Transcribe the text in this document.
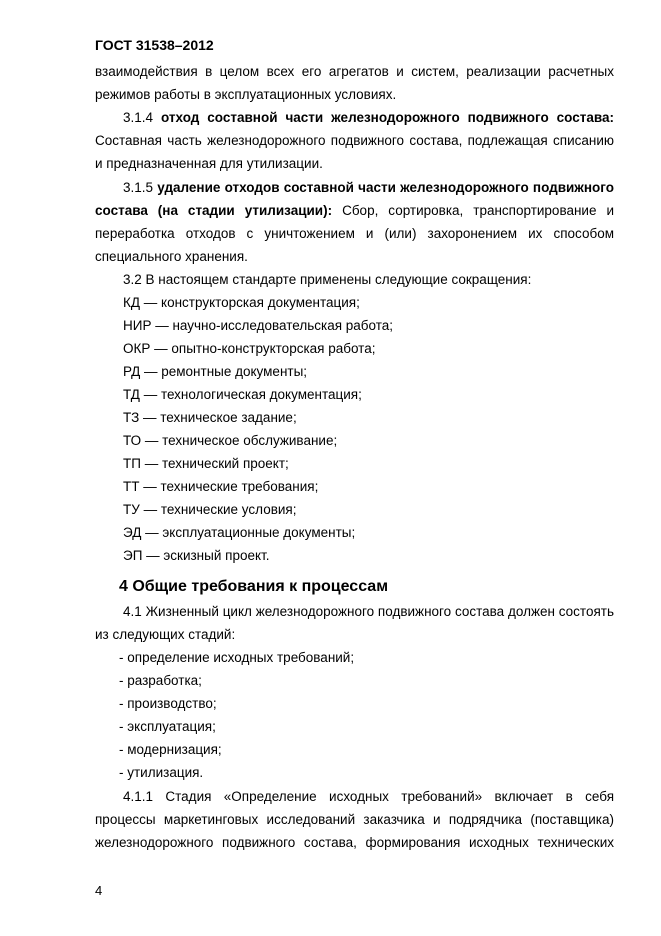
ГОСТ 31538–2012
взаимодействия в целом всех его агрегатов и систем, реализации расчетных
режимов работы в эксплуатационных условиях.
3.1.4 отход составной части железнодорожного подвижного состава:
Составная часть железнодорожного подвижного состава, подлежащая списанию
и предназначенная для утилизации.
3.1.5 удаление отходов составной части железнодорожного подвижного
состава (на стадии утилизации): Сбор, сортировка, транспортирование и
переработка отходов с уничтожением и (или) захоронением их способом
специального хранения.
3.2 В настоящем стандарте применены следующие сокращения:
КД — конструкторская документация;
НИР — научно-исследовательская работа;
ОКР — опытно-конструкторская работа;
РД — ремонтные документы;
ТД — технологическая документация;
ТЗ — техническое задание;
ТО — техническое обслуживание;
ТП — технический проект;
ТТ — технические требования;
ТУ — технические условия;
ЭД — эксплуатационные документы;
ЭП — эскизный проект.
4 Общие требования к процессам
4.1 Жизненный цикл железнодорожного подвижного состава должен состоять
из следующих стадий:
- определение исходных требований;
- разработка;
- производство;
- эксплуатация;
- модернизация;
- утилизация.
4.1.1 Стадия «Определение исходных требований» включает в себя
процессы маркетинговых исследований заказчика и подрядчика (поставщика)
железнодорожного подвижного состава, формирования исходных технических
4
